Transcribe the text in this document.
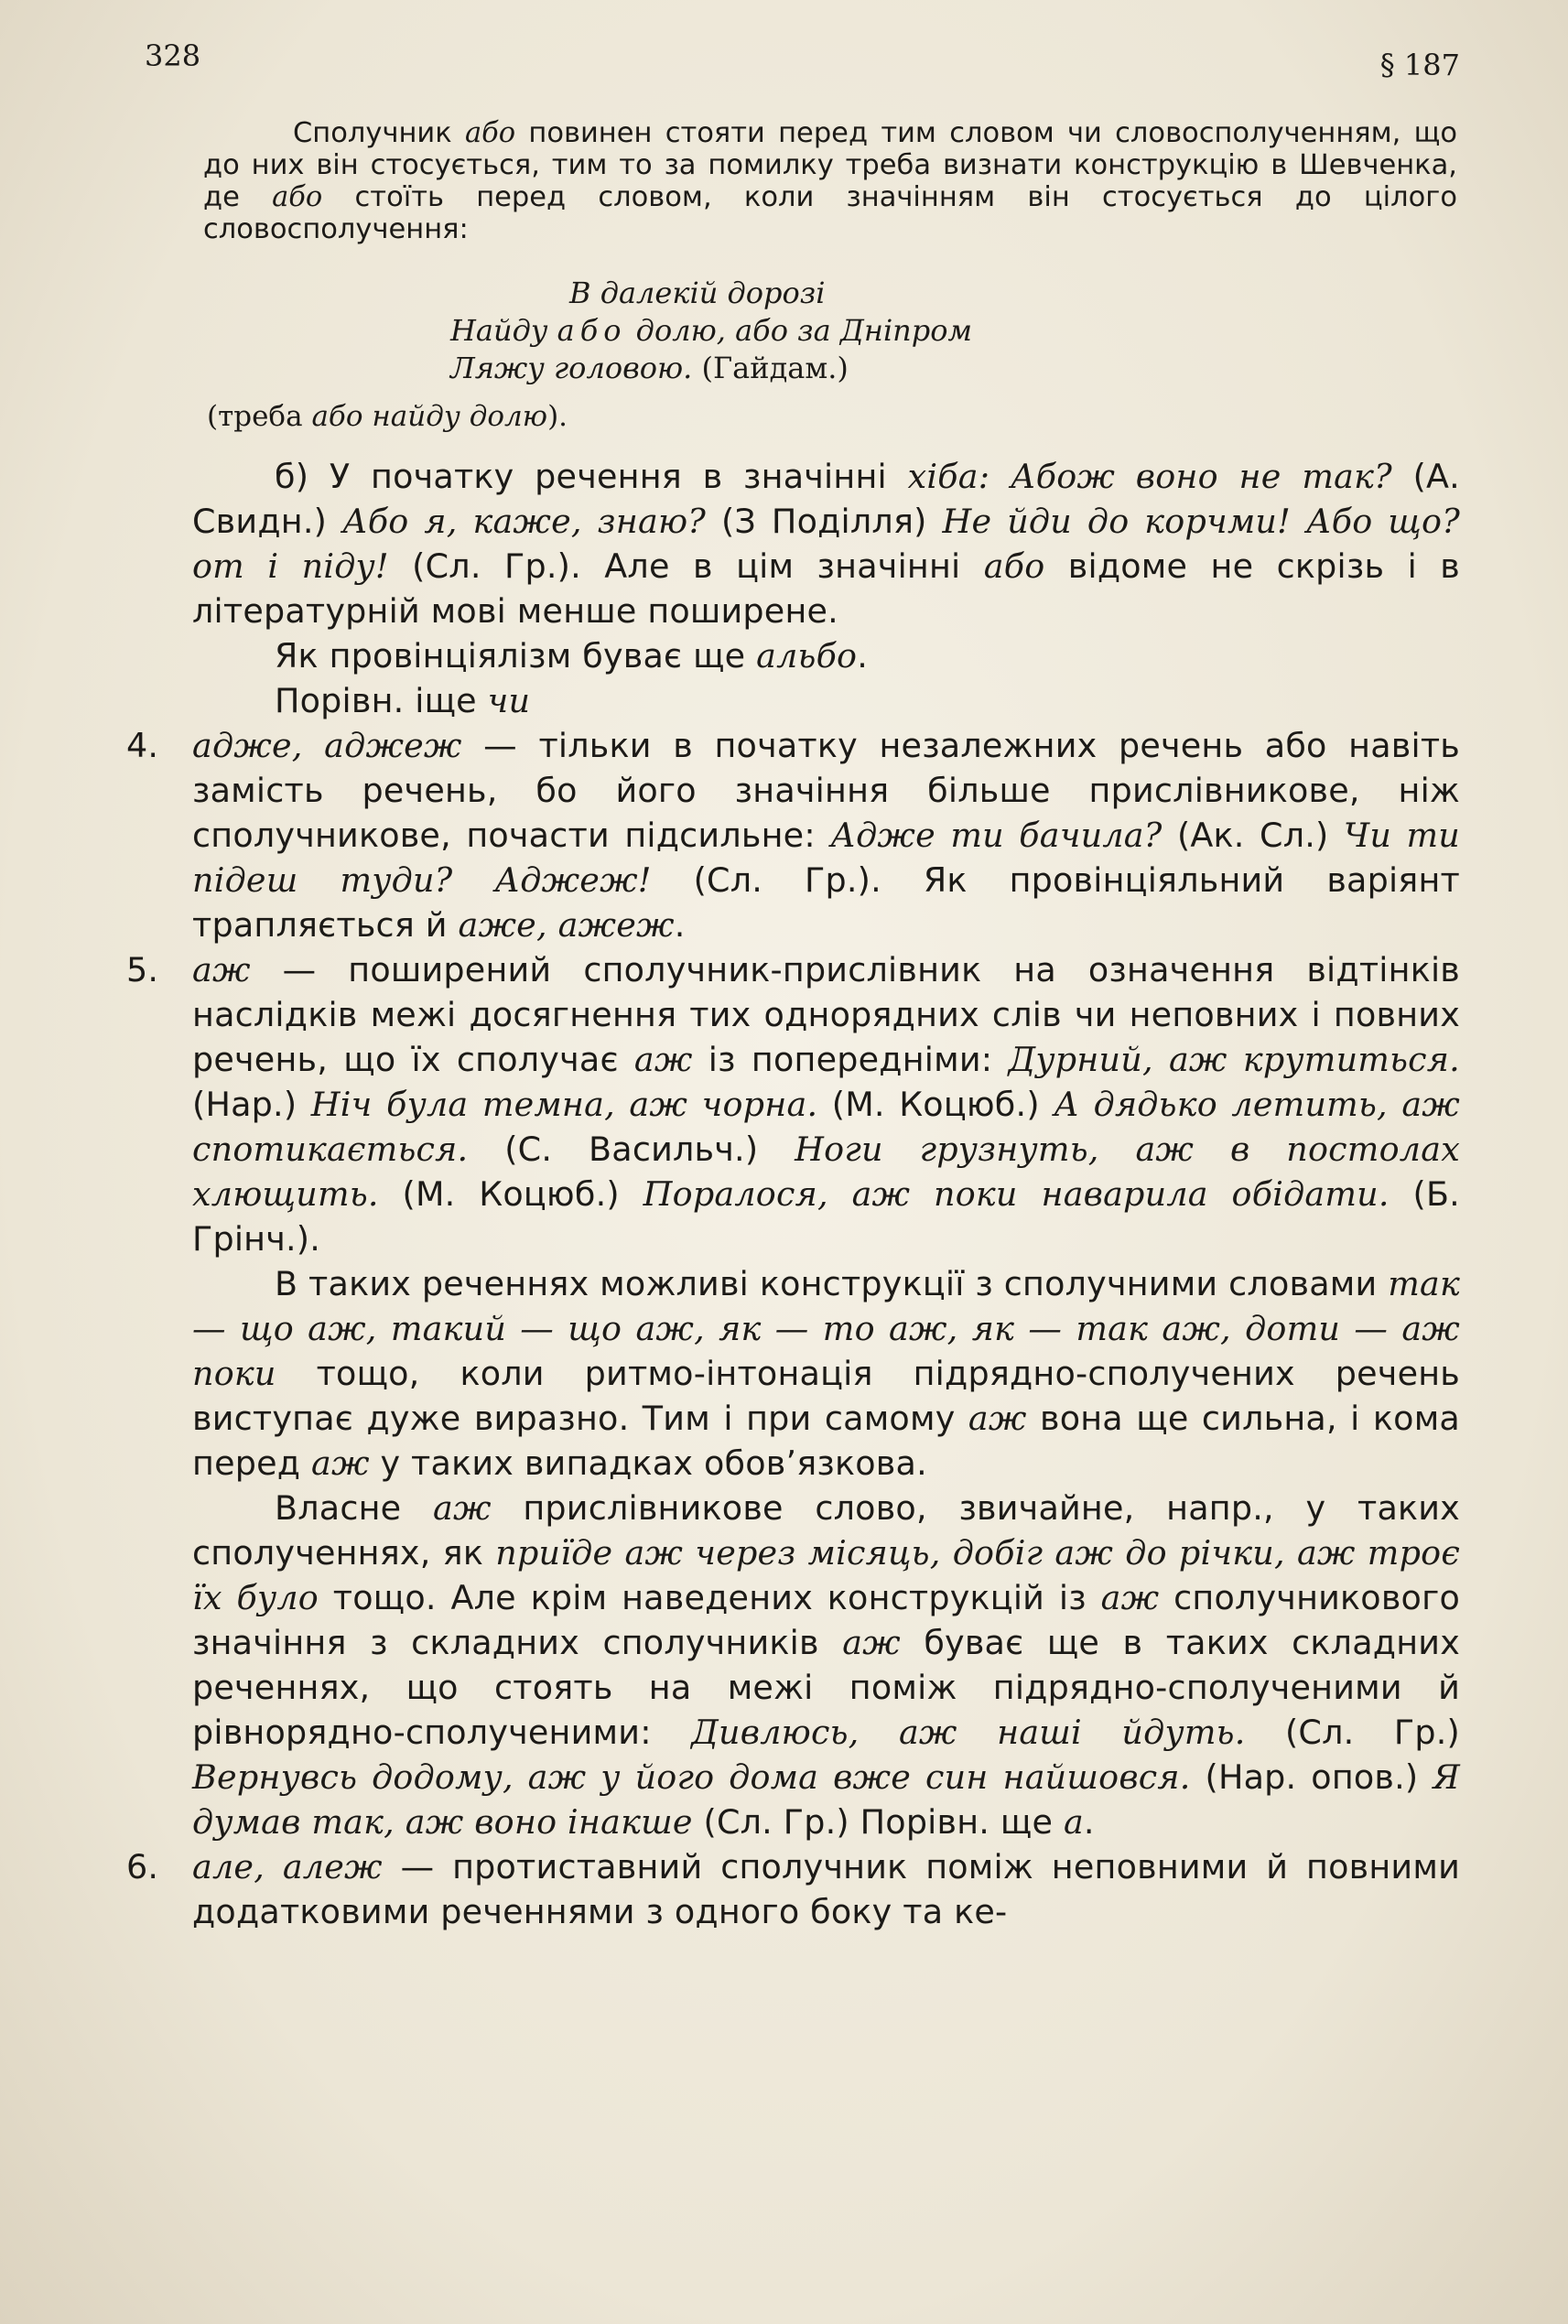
328	§ 187

Сполучник або повинен стояти перед тим словом чи словосполученням, що до них він стосується, тим то за помилку треба визнати конструкцію в Шевченка, де або стоїть перед словом, коли значінням він стосується до цілого словосполучення:

В далекій дорозі
Найду або долю, або за Дніпром
Ляжу головою. (Гайдам.)
(треба або найду долю).

б) У початку речення в значінні хіба: Абож воно не так? (А. Свидн.) Або я, каже, знаю? (З Поділля) Не йди до корчми! Або що? от і піду! (Сл. Гр.). Але в цім значінні або відоме не скрізь і в літературній мові менше поширене.

Як провінціялізм буває ще альбо.

Порівн. іще чи

4. адже, аджеж — тільки в початку незалежних речень або навіть замість речень, бо його значіння більше прислівникове, ніж сполучникове, почасти підсильне: Адже ти бачила? (Ак. Сл.) Чи ти підеш туди? Аджеж! (Сл. Гр.). Як провінціяльний варіянт трапляється й аже, ажеж.

5. аж — поширений сполучник-прислівник на означення відтінків наслідків межі досягнення тих однорядних слів чи неповних і повних речень, що їх сполучає аж із попередніми: Дурний, аж крутиться. (Нар.) Ніч була темна, аж чорна. (М. Коцюб.) А дядько летить, аж спотикається. (С. Васильч.) Ноги грузнуть, аж в постолах хлющить. (М. Коцюб.) Поралося, аж поки наварила обідати. (Б. Грінч.).

В таких реченнях можливі конструкції з сполучними словами так — що аж, такий — що аж, як — то аж, як — так аж, доти — аж поки тощо, коли ритмо-інтонація підрядно-сполучених речень виступає дуже виразно. Тим і при самому аж вона ще сильна, і кома перед аж у таких випадках обов’язкова.

Власне аж прислівникове слово, звичайне, напр., у таких сполученнях, як приїде аж через місяць, добіг аж до річки, аж троє їх було тощо. Але крім наведених конструкцій із аж сполучникового значіння з складних сполучників аж буває ще в таких складних реченнях, що стоять на межі поміж підрядно-сполученими й рівнорядно-сполученими: Дивлюсь, аж наші йдуть. (Сл. Гр.) Вернувсь додому, аж у його дома вже син найшовся. (Нар. опов.) Я думав так, аж воно інакше (Сл. Гр.) Порівн. ще а.

6. але, алеж — протиставний сполучник поміж неповними й повними додатковими реченнями з одного боку та ке-
